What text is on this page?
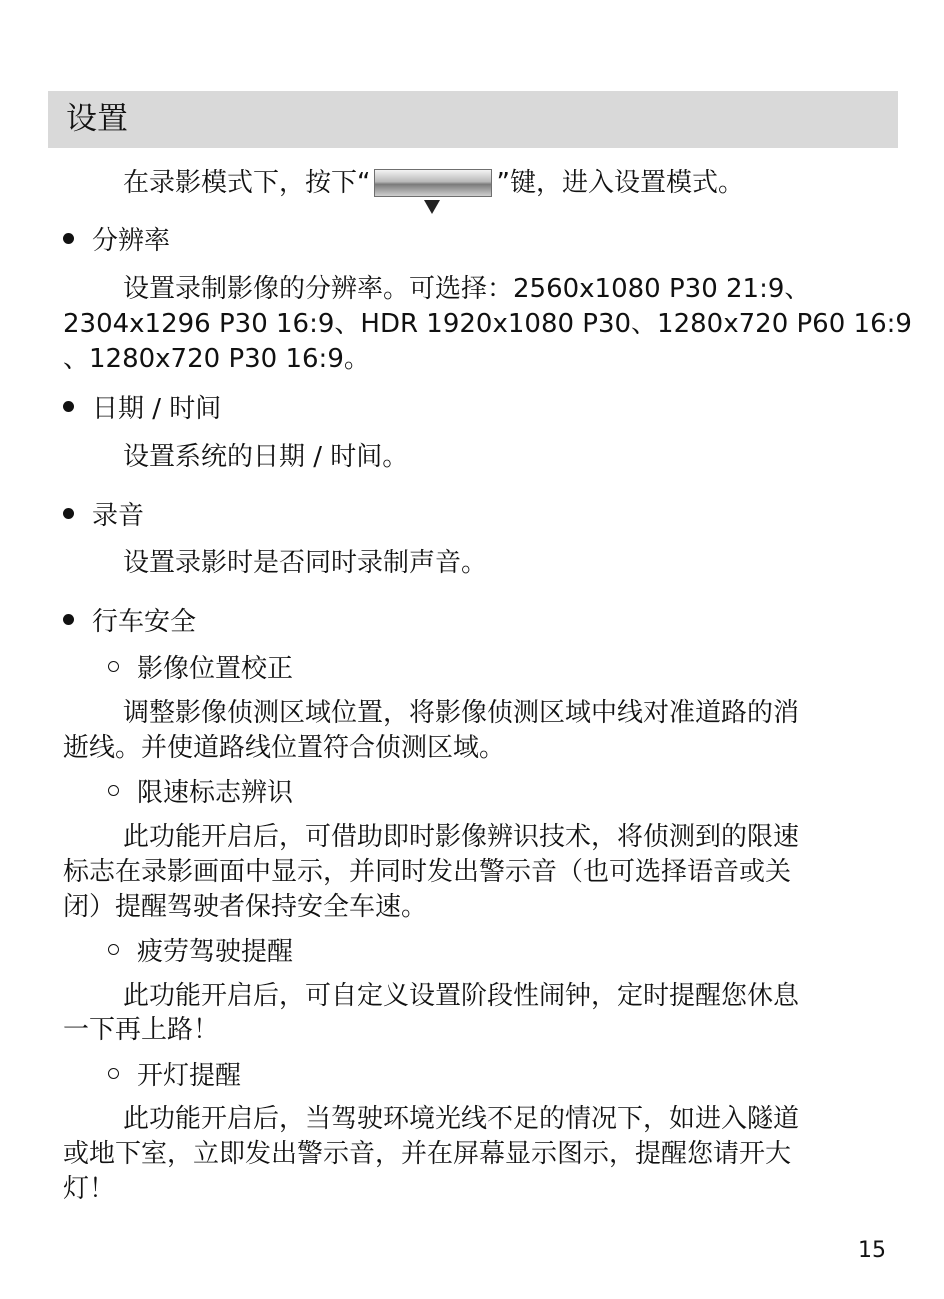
设置
在录影模式下，按下“	”键，进入设置模式。
分辨率
设置录制影像的分辨率。可选择：2560x1080 P30 21:9、
2304x1296 P30 16:9、HDR 1920x1080 P30、1280x720 P60 16:9
、1280x720 P30 16:9。
日期 / 时间
设置系统的日期 / 时间。
录音
设置录影时是否同时录制声音。
行车安全
影像位置校正
调整影像侦测区域位置，将影像侦测区域中线对准道路的消
逝线。并使道路线位置符合侦测区域。
限速标志辨识
此功能开启后，可借助即时影像辨识技术，将侦测到的限速
标志在录影画面中显示，并同时发出警示音（也可选择语音或关
闭）提醒驾驶者保持安全车速。
疲劳驾驶提醒
此功能开启后，可自定义设置阶段性闹钟，定时提醒您休息
一下再上路！
开灯提醒
此功能开启后，当驾驶环境光线不足的情况下，如进入隧道
或地下室，立即发出警示音，并在屏幕显示图示，提醒您请开大
灯！
15
